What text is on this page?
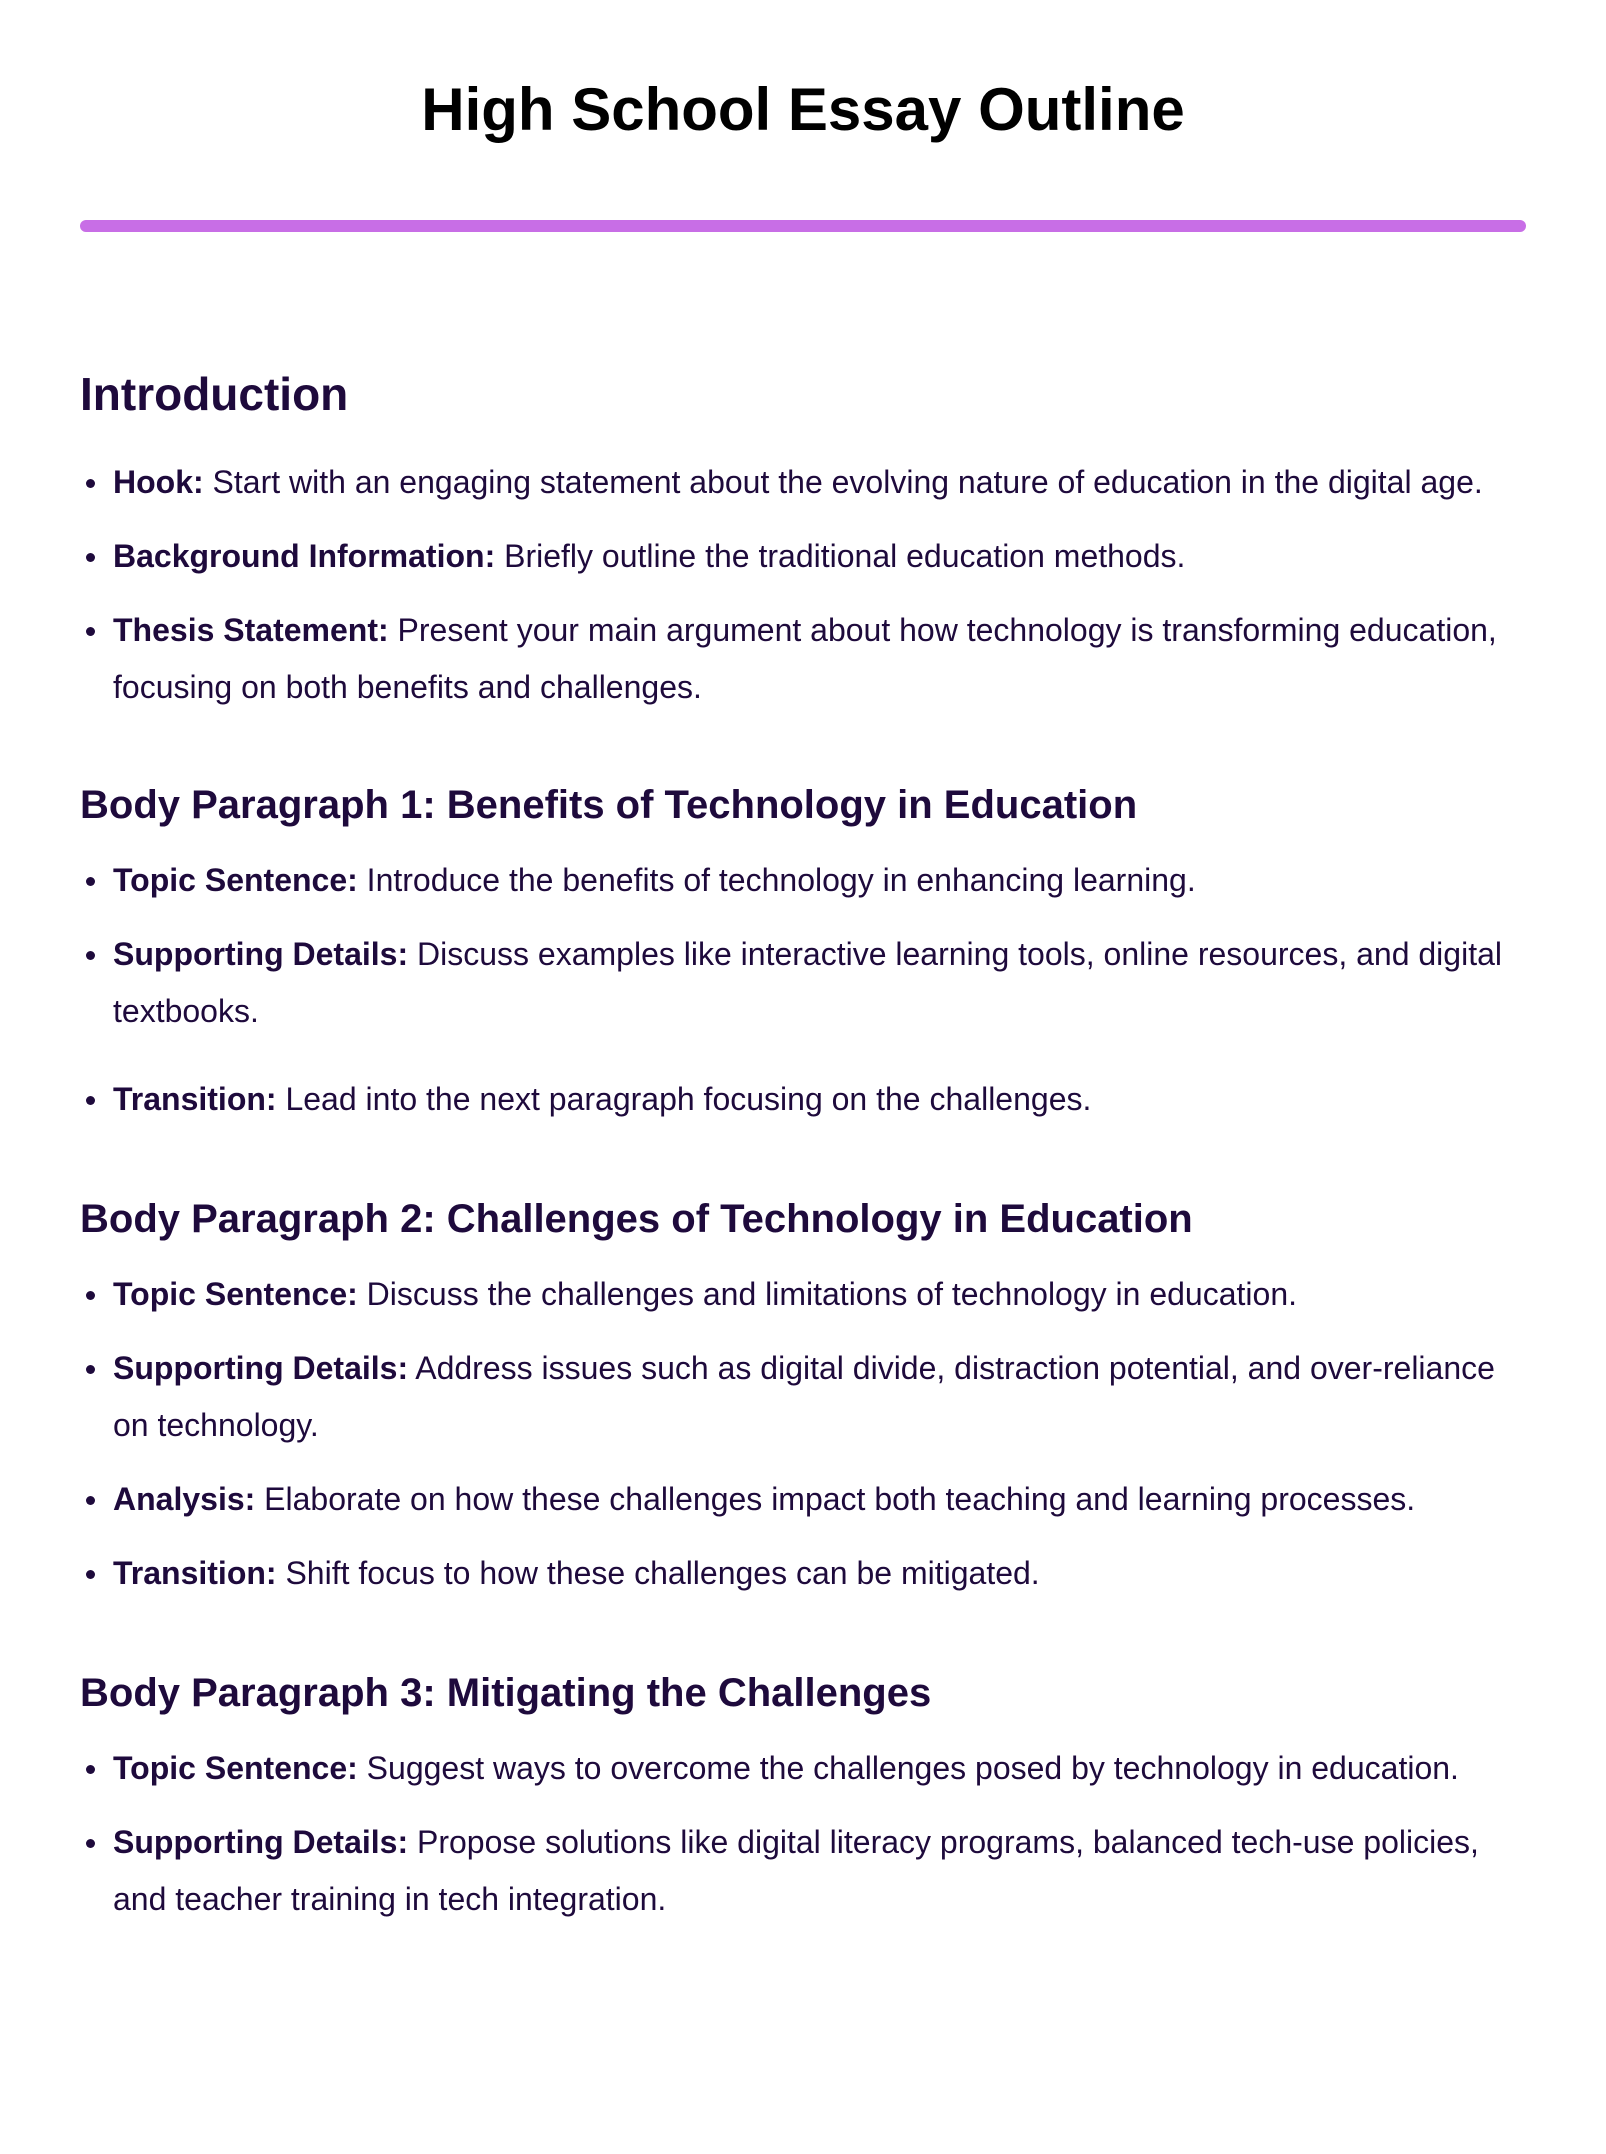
High School Essay Outline
Introduction
Hook: Start with an engaging statement about the evolving nature of education in the digital age.
Background Information: Briefly outline the traditional education methods.
Thesis Statement: Present your main argument about how technology is transforming education, focusing on both benefits and challenges.
Body Paragraph 1: Benefits of Technology in Education
Topic Sentence: Introduce the benefits of technology in enhancing learning.
Supporting Details: Discuss examples like interactive learning tools, online resources, and digital textbooks.
Transition: Lead into the next paragraph focusing on the challenges.
Body Paragraph 2: Challenges of Technology in Education
Topic Sentence: Discuss the challenges and limitations of technology in education.
Supporting Details: Address issues such as digital divide, distraction potential, and over-reliance on technology.
Analysis: Elaborate on how these challenges impact both teaching and learning processes.
Transition: Shift focus to how these challenges can be mitigated.
Body Paragraph 3: Mitigating the Challenges
Topic Sentence: Suggest ways to overcome the challenges posed by technology in education.
Supporting Details: Propose solutions like digital literacy programs, balanced tech-use policies, and teacher training in tech integration.
